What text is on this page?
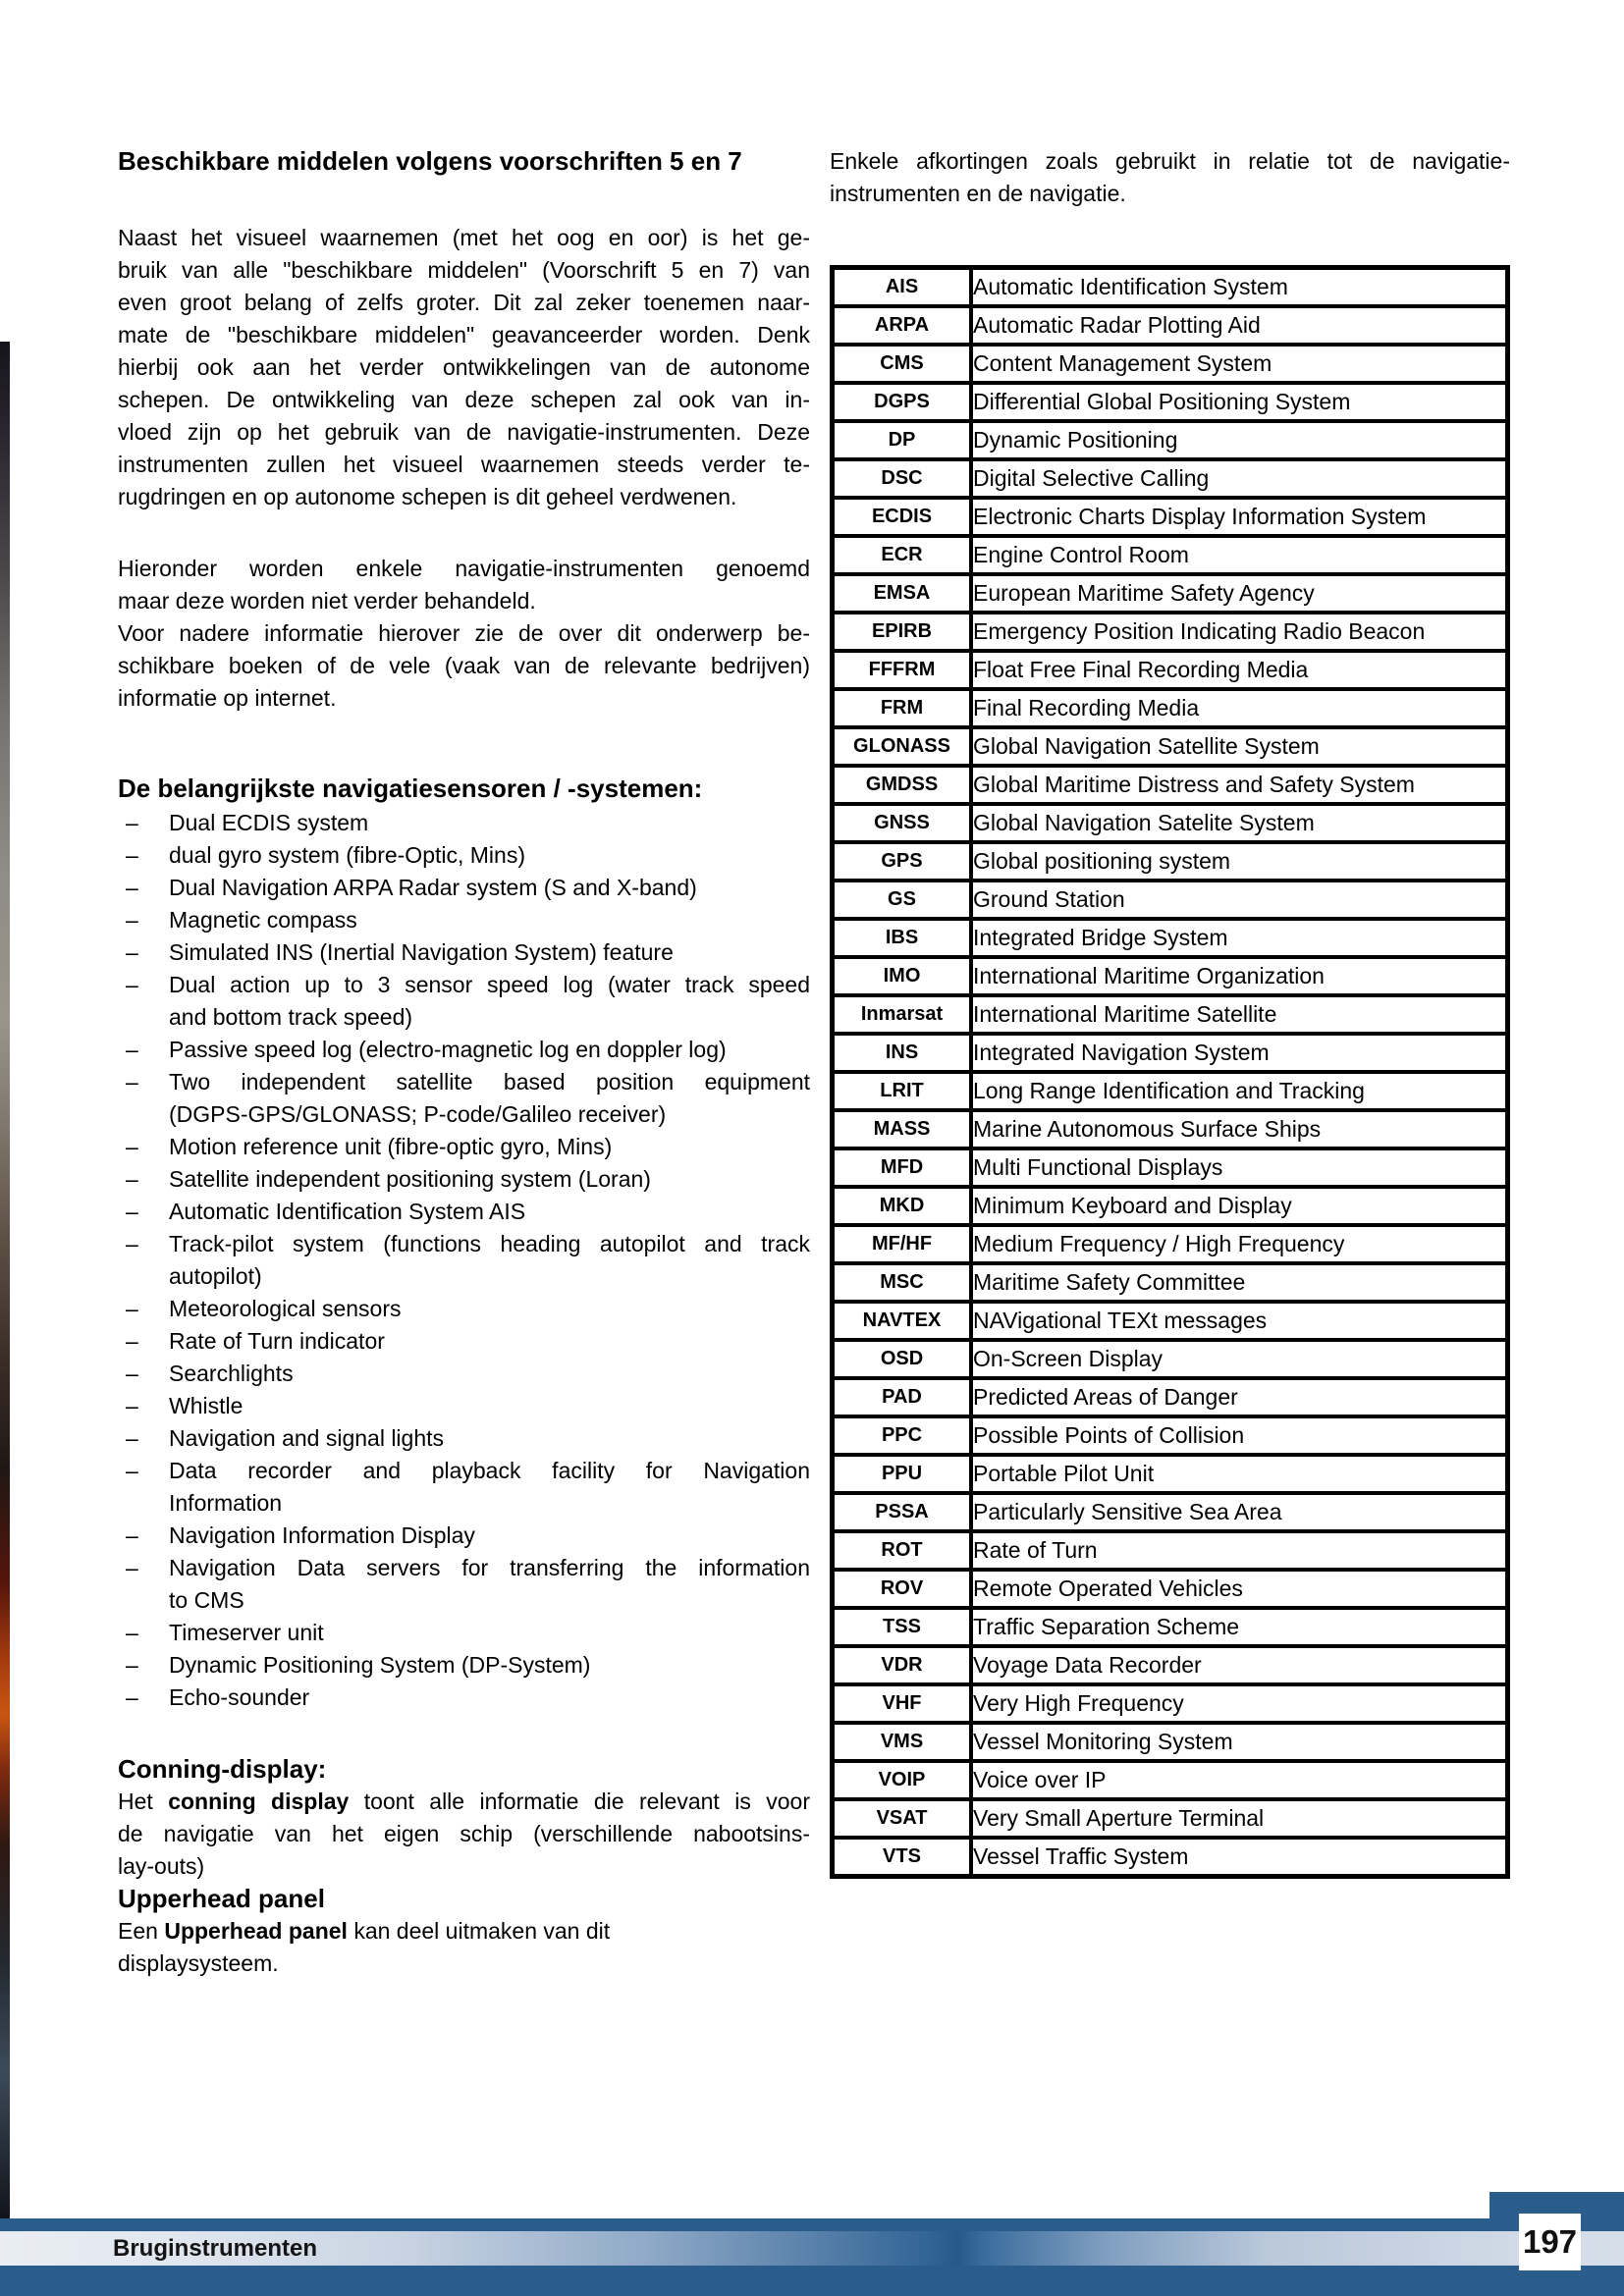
Beschikbare middelen volgens voorschriften 5 en 7
Naast het visueel waarnemen (met het oog en oor) is het ge-
bruik van alle "beschikbare middelen" (Voorschrift 5 en 7) van
even groot belang of zelfs groter. Dit zal zeker toenemen naar-
mate de "beschikbare middelen" geavanceerder worden. Denk
hierbij ook aan het verder ontwikkelingen van de autonome
schepen. De ontwikkeling van deze schepen zal ook van in-
vloed zijn op het gebruik van de navigatie-instrumenten. Deze
instrumenten zullen het visueel waarnemen steeds verder te-
rugdringen en op autonome schepen is dit geheel verdwenen.
Hieronder worden enkele navigatie-instrumenten genoemd
maar deze worden niet verder behandeld.
Voor nadere informatie hierover zie de over dit onderwerp be-
schikbare boeken of de vele (vaak van de relevante bedrijven)
informatie op internet.
De belangrijkste navigatiesensoren / -systemen:
–	Dual ECDIS system
–	dual gyro system (fibre-Optic, Mins)
–	Dual Navigation ARPA Radar system (S and X-band)
–	Magnetic compass
–	Simulated INS (Inertial Navigation System) feature
–	Dual action up to 3 sensor speed log (water track speed
and bottom track speed)
–	Passive speed log (electro-magnetic log en doppler log)
–	Two independent satellite based position equipment
(DGPS-GPS/GLONASS; P-code/Galileo receiver)
–	Motion reference unit (fibre-optic gyro, Mins)
–	Satellite independent positioning system (Loran)
–	Automatic Identification System AIS
–	Track-pilot system (functions heading autopilot and track
autopilot)
–	Meteorological sensors
–	Rate of Turn indicator
–	Searchlights
–	Whistle
–	Navigation and signal lights
–	Data recorder and playback facility for Navigation
Information
–	Navigation Information Display
–	Navigation Data servers for transferring the information
to CMS
–	Timeserver unit
–	Dynamic Positioning System (DP-System)
–	Echo-sounder
Conning-display:
Het conning display toont alle informatie die relevant is voor
de navigatie van het eigen schip (verschillende nabootsins-
lay-outs)
Upperhead panel
Een Upperhead panel kan deel uitmaken van dit
displaysysteem.
Enkele afkortingen zoals gebruikt in relatie tot de navigatie-
instrumenten en de navigatie.
AIS	Automatic Identification System
ARPA	Automatic Radar Plotting Aid
CMS	Content Management System
DGPS	Differential Global Positioning System
DP	Dynamic Positioning
DSC	Digital Selective Calling
ECDIS	Electronic Charts Display Information System
ECR	Engine Control Room
EMSA	European Maritime Safety Agency
EPIRB	Emergency Position Indicating Radio Beacon
FFFRM	Float Free Final Recording Media
FRM	Final Recording Media
GLONASS	Global Navigation Satellite System
GMDSS	Global Maritime Distress and Safety System
GNSS	Global Navigation Satelite System
GPS	Global positioning system
GS	Ground Station
IBS	Integrated Bridge System
IMO	International Maritime Organization
Inmarsat	International Maritime Satellite
INS	Integrated Navigation System
LRIT	Long Range Identification and Tracking
MASS	Marine Autonomous Surface Ships
MFD	Multi Functional Displays
MKD	Minimum Keyboard and Display
MF/HF	Medium Frequency / High Frequency
MSC	Maritime Safety Committee
NAVTEX	NAVigational TEXt messages
OSD	On-Screen Display
PAD	Predicted Areas of Danger
PPC	Possible Points of Collision
PPU	Portable Pilot Unit
PSSA	Particularly Sensitive Sea Area
ROT	Rate of Turn
ROV	Remote Operated Vehicles
TSS	Traffic Separation Scheme
VDR	Voyage Data Recorder
VHF	Very High Frequency
VMS	Vessel Monitoring System
VOIP	Voice over IP
VSAT	Very Small Aperture Terminal
VTS	Vessel Traffic System
Bruginstrumenten	197
